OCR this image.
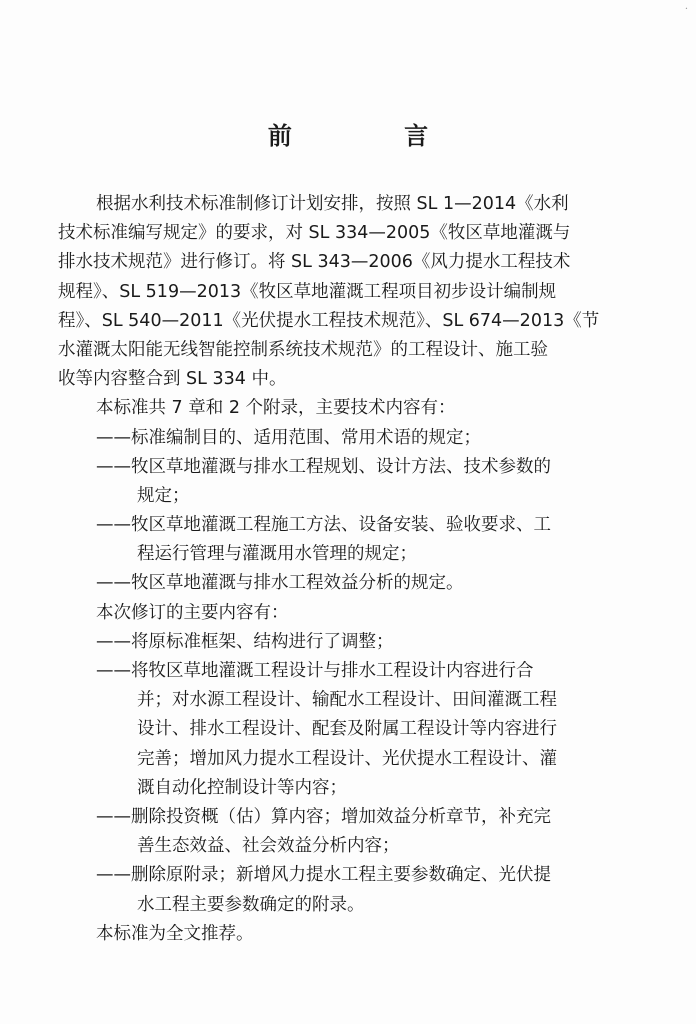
·
前 言
根据水利技术标准制修订计划安排，按照 SL 1—2014《水利
技术标准编写规定》的要求，对 SL 334—2005《牧区草地灌溉与
排水技术规范》进行修订。将 SL 343—2006《风力提水工程技术
规程》、SL 519—2013《牧区草地灌溉工程项目初步设计编制规
程》、SL 540—2011《光伏提水工程技术规范》、SL 674—2013《节
水灌溉太阳能无线智能控制系统技术规范》的工程设计、施工验
收等内容整合到 SL 334 中。
本标准共 7 章和 2 个附录，主要技术内容有：
——标准编制目的、适用范围、常用术语的规定；
——牧区草地灌溉与排水工程规划、设计方法、技术参数的
规定；
——牧区草地灌溉工程施工方法、设备安装、验收要求、工
程运行管理与灌溉用水管理的规定；
——牧区草地灌溉与排水工程效益分析的规定。
本次修订的主要内容有：
——将原标准框架、结构进行了调整；
——将牧区草地灌溉工程设计与排水工程设计内容进行合
并；对水源工程设计、输配水工程设计、田间灌溉工程
设计、排水工程设计、配套及附属工程设计等内容进行
完善；增加风力提水工程设计、光伏提水工程设计、灌
溉自动化控制设计等内容；
——删除投资概（估）算内容；增加效益分析章节，补充完
善生态效益、社会效益分析内容；
——删除原附录；新增风力提水工程主要参数确定、光伏提
水工程主要参数确定的附录。
本标准为全文推荐。
